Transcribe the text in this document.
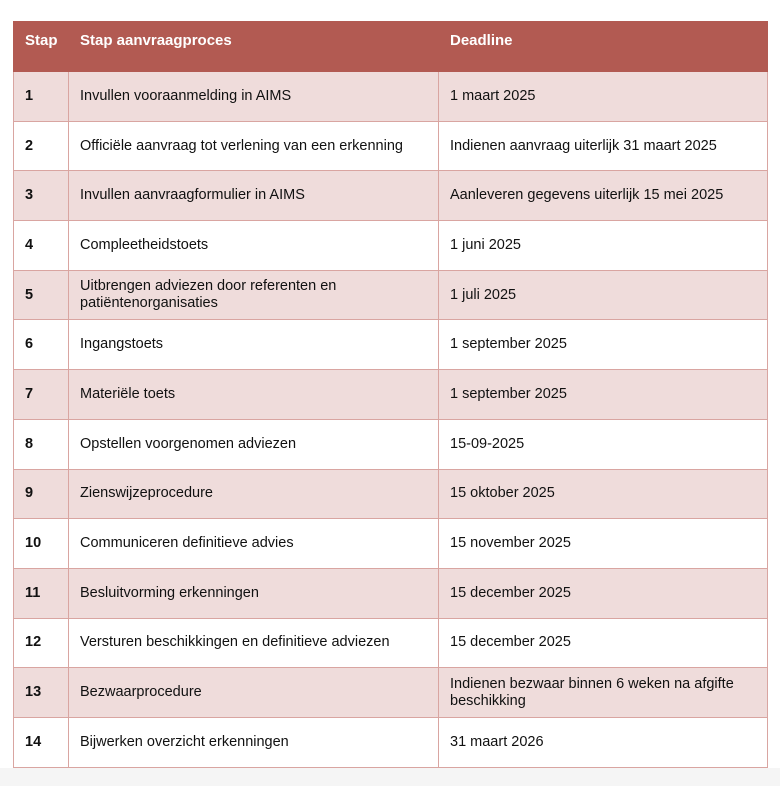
Stap	Stap aanvraagproces	Deadline
1	Invullen vooraanmelding in AIMS	1 maart 2025
2	Officiële aanvraag tot verlening van een erkenning	Indienen aanvraag uiterlijk 31 maart 2025
3	Invullen aanvraagformulier in AIMS	Aanleveren gegevens uiterlijk 15 mei 2025
4	Compleetheidstoets	1 juni 2025
5	Uitbrengen adviezen door referenten en patiëntenorganisaties	1 juli 2025
6	Ingangstoets	1 september 2025
7	Materiële toets	1 september 2025
8	Opstellen voorgenomen adviezen	15-09-2025
9	Zienswijzeprocedure	15 oktober 2025
10	Communiceren definitieve advies	15 november 2025
11	Besluitvorming erkenningen	15 december 2025
12	Versturen beschikkingen en definitieve adviezen	15 december 2025
13	Bezwaarprocedure	Indienen bezwaar binnen 6 weken na afgifte beschikking
14	Bijwerken overzicht erkenningen	31 maart 2026
